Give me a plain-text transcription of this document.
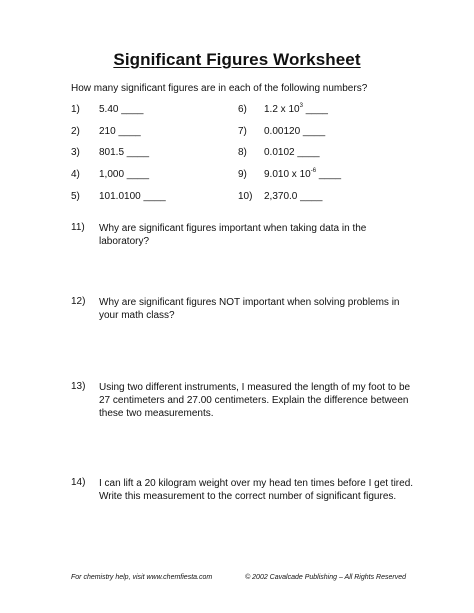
Significant Figures Worksheet
How many significant figures are in each of the following numbers?
1) 5.40 ____
2) 210 ____
3) 801.5 ____
4) 1,000 ____
5) 101.0100 ____
6) 1.2 x $10^3$ ____
7) 0.00120 ____
8) 0.0102 ____
9) 9.010 x $10^{-6}$ ____
10) 2,370.0 ____
11) Why are significant figures important when taking data in the laboratory?
12) Why are significant figures NOT important when solving problems in your math class?
13) Using two different instruments, I measured the length of my foot to be 27 centimeters and 27.00 centimeters. Explain the difference between these two measurements.
14) I can lift a 20 kilogram weight over my head ten times before I get tired. Write this measurement to the correct number of significant figures.
For chemistry help, visit www.chemfiesta.com	© 2002 Cavalcade Publishing – All Rights Reserved
